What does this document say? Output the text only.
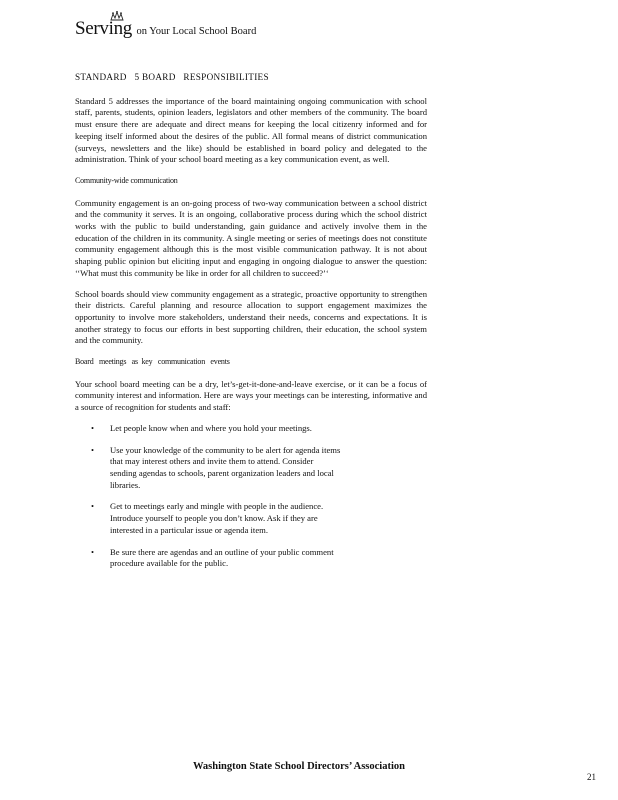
Serving on Your Local School Board
STANDARD   5 BOARD   RESPONSIBILITIES

Standard 5 addresses the importance of the board maintaining ongoing communication with school staff, parents, students, opinion leaders, legislators and other members of the community. The board must ensure there are adequate and direct means for keeping the local citizenry informed and for keeping itself informed about the desires of the public. All formal means of district communication (surveys, newsletters and the like) should be established in board policy and delegated to the administration. Think of your school board meeting as a key communication event, as well.

Community-wide communication

Community engagement is an on-going process of two-way communication between a school district and the community it serves. It is an ongoing, collaborative process during which the school district works with the public to build understanding, gain guidance and actively involve them in the education of the children in its community. A single meeting or series of meetings does not constitute community engagement although this is the most visible communication pathway. It is not about shaping public opinion but eliciting input and engaging in ongoing dialogue to answer the question: ‘‘What must this community be like in order for all children to succeed?’‘

School boards should view community engagement as a strategic, proactive opportunity to strengthen their districts. Careful planning and resource allocation to support engagement maximizes the opportunity to involve more stakeholders, understand their needs, concerns and expectations. It is another strategy to focus our efforts in best supporting children, their education, the school system and the community.

Board   meetings   as  key   communication   events

Your school board meeting can be a dry, let’s-get-it-done-and-leave exercise, or it can be a focus of community interest and information. Here are ways your meetings can be interesting, informative and a source of recognition for students and staff:

• Let people know when and where you hold your meetings.
• Use your knowledge of the community to be alert for agenda items that may interest others and invite them to attend. Consider sending agendas to schools, parent organization leaders and local libraries.
• Get to meetings early and mingle with people in the audience. Introduce yourself to people you don’t know. Ask if they are interested in a particular issue or agenda item.
• Be sure there are agendas and an outline of your public comment procedure available for the public.
Washington State School Directors’ Association
21
